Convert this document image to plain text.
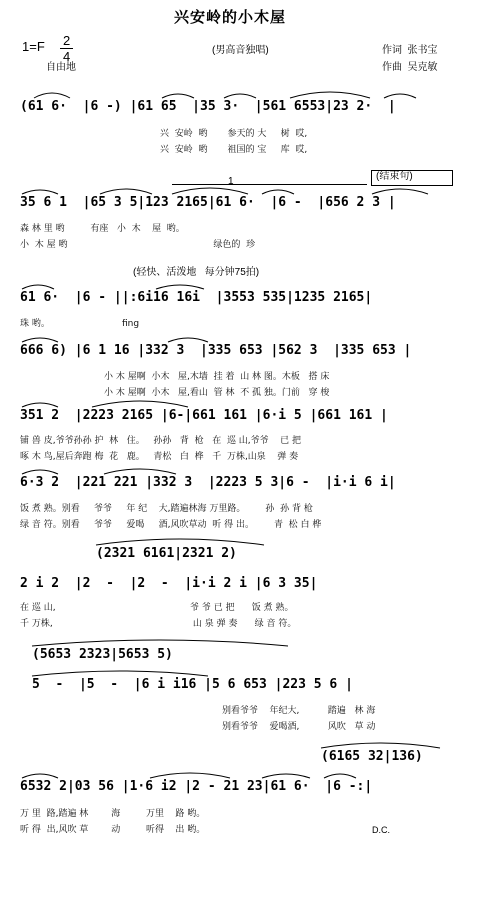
兴安岭的小木屋
(男高音独唱)
1=F 2
4
自由地
作词  张书宝
作曲  吴克敏
(61 6·  |6 -) |61 65  |35 3·  |561 6553|23 2·  |
兴  安岭  哟       参天的 大     树  哎,
兴  安岭  哟       祖国的 宝     库  哎,
(结束句)
1
35 6 1  |65 3 5|123 2165|61 6·  |6 -  |656 2 3 |
森 林 里 哟         有座   小  木    屋  哟。
小  木 屋 哟                                                   绿色的  珍
(轻快、活泼地   每分钟75拍)
61 6·  |6 - ||:6i16 16i  |3553 535|1235 2165|
珠 哟。	fing
666 6) |6 1 16 |332 3  |335 653 |562 3  |335 653 |
小 木 屋啊  小木   屋,木墙  挂 着  山 林 图。木板   搭 床
小 木 屋啊  小木   屋,看山  管 林  不 孤 独。门前   穿 梭
351 2  |2223 2165 |6-|661 161 |6·i 5 |661 161 |
铺 兽 皮,爷爷孙孙 护  林   住。   孙孙   背  枪   在  巡 山,爷爷    已 把
啄 木 鸟,屋后奔跑 梅  花   鹿。   青松   白  桦   千  万株,山泉    弹 奏
6·3 2  |221 221 |332 3  |2223 5 3|6 -  |i·i 6 i|
饭 煮 熟。别看     爷爷     年 纪    大,踏遍林海 万里路。       孙  孙 背 枪
绿 音 符。别看     爷爷     爱喝     酒,风吹草动  听 得 出。       青  松 白 桦
(2321 6161|2321 2)
2 i 2  |2  -  |2  -  |i·i 2 i |6 3 35|
在 巡 山,                                               爷 爷 已 把      饭 煮 熟。
千 万株,                                                 山 泉 弹 奏      绿 音 符。
(5653 2323|5653 5)
5  -  |5  -  |6 i i16 |5 6 653 |223 5 6 |
别看爷爷    年纪大,          踏遍   林 海
别看爷爷    爱喝酒,          风吹   草 动
(6165 32|136)
6532 2|03 56 |1·6 i2 |2 - 21 23|61 6·  |6 -:|
万 里  路,踏遍 林        海         万里    路 哟。
听 得  出,风吹 草        动         听得    出 哟。	D.C.
